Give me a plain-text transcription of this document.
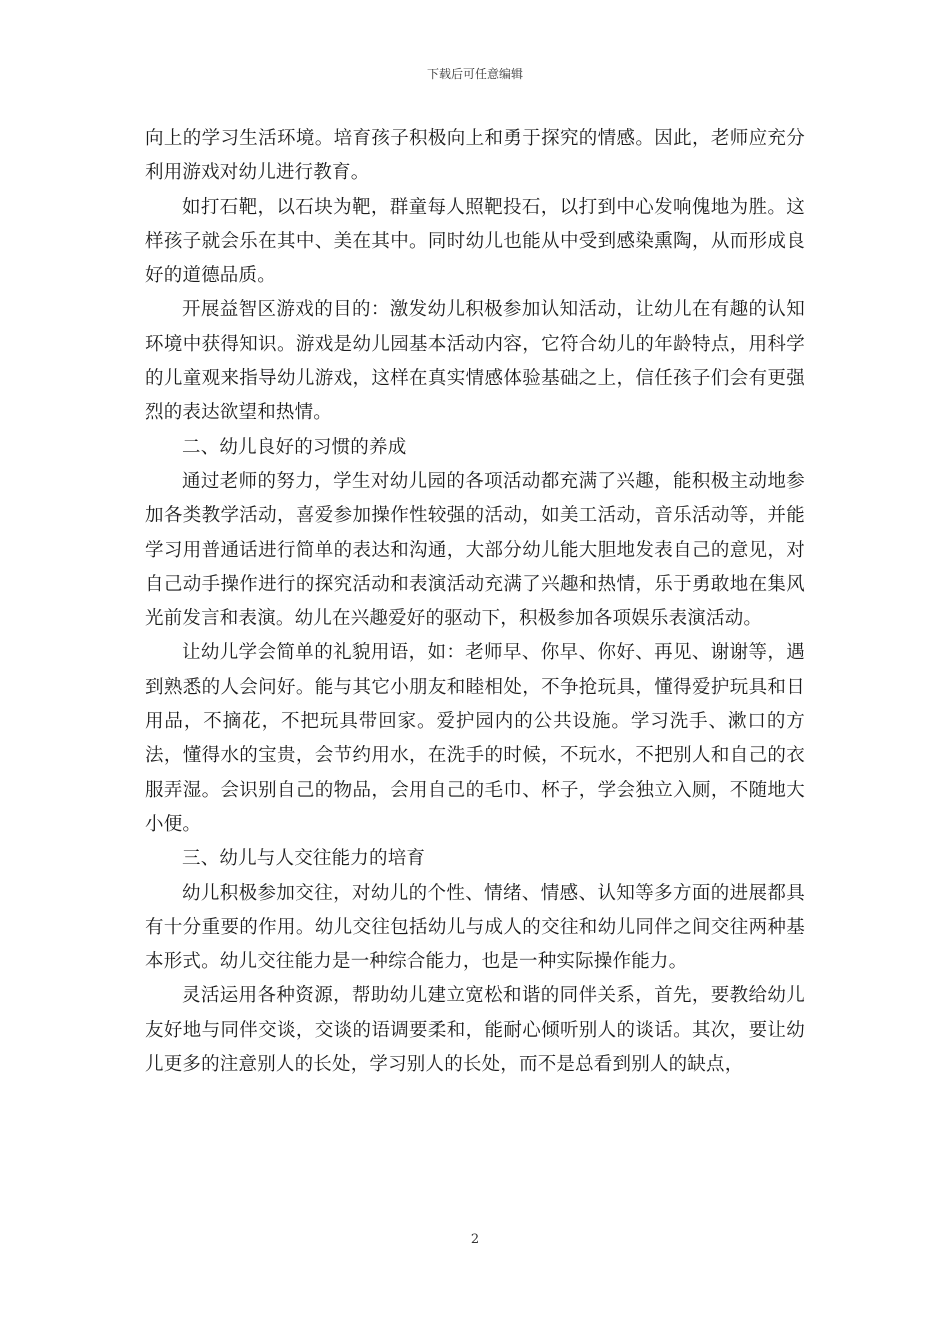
下载后可任意编辑

向上的学习生活环境。培育孩子积极向上和勇于探究的情感。因此，老师应充分利用游戏对幼儿进行教育。

如打石靶，以石块为靶，群童每人照靶投石，以打到中心发响傀地为胜。这样孩子就会乐在其中、美在其中。同时幼儿也能从中受到感染熏陶，从而形成良好的道德品质。

开展益智区游戏的目的：激发幼儿积极参加认知活动，让幼儿在有趣的认知环境中获得知识。游戏是幼儿园基本活动内容，它符合幼儿的年龄特点，用科学的儿童观来指导幼儿游戏，这样在真实情感体验基础之上，信任孩子们会有更强烈的表达欲望和热情。

二、幼儿良好的习惯的养成

通过老师的努力，学生对幼儿园的各项活动都充满了兴趣，能积极主动地参加各类教学活动，喜爱参加操作性较强的活动，如美工活动，音乐活动等，并能学习用普通话进行简单的表达和沟通，大部分幼儿能大胆地发表自己的意见，对自己动手操作进行的探究活动和表演活动充满了兴趣和热情，乐于勇敢地在集风光前发言和表演。幼儿在兴趣爱好的驱动下，积极参加各项娱乐表演活动。

让幼儿学会简单的礼貌用语，如：老师早、你早、你好、再见、谢谢等，遇到熟悉的人会问好。能与其它小朋友和睦相处，不争抢玩具，懂得爱护玩具和日用品，不摘花，不把玩具带回家。爱护园内的公共设施。学习洗手、漱口的方法，懂得水的宝贵，会节约用水，在洗手的时候，不玩水，不把别人和自己的衣服弄湿。会识别自己的物品，会用自己的毛巾、杯子，学会独立入厕，不随地大小便。

三、幼儿与人交往能力的培育

幼儿积极参加交往，对幼儿的个性、情绪、情感、认知等多方面的进展都具有十分重要的作用。幼儿交往包括幼儿与成人的交往和幼儿同伴之间交往两种基本形式。幼儿交往能力是一种综合能力，也是一种实际操作能力。

灵活运用各种资源，帮助幼儿建立宽松和谐的同伴关系，首先，要教给幼儿友好地与同伴交谈，交谈的语调要柔和，能耐心倾听别人的谈话。其次，要让幼儿更多的注意别人的长处，学习别人的长处，而不是总看到别人的缺点，

2
